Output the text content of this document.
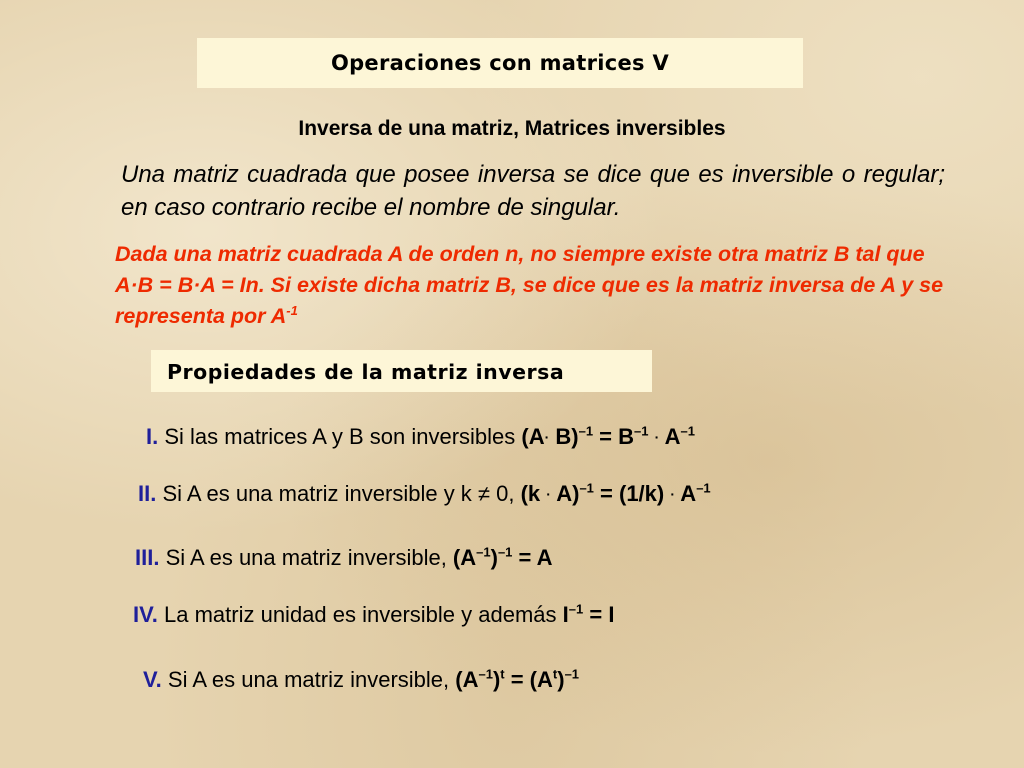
Operaciones con matrices V
Inversa de una matriz, Matrices inversibles
Una matriz cuadrada que posee inversa se dice que es inversible o regular; en caso contrario recibe el nombre de singular.
Dada una matriz cuadrada A de orden n, no siempre existe otra matriz B tal que A·B = B·A = In. Si existe dicha matriz B, se dice que es la matriz inversa de A y se representa por $A^{-1}$
Propiedades de la matriz inversa
I. Si las matrices A y B son inversibles $(A\cdot B)^{-1} = B^{-1} \cdot A^{-1}$
II. Si A es una matriz inversible y k ≠ 0, $(k \cdot A)^{-1} = (1/k) \cdot A^{-1}$
III. Si A es una matriz inversible, $(A^{-1})^{-1} = A$
IV. La matriz unidad es inversible y además $I^{-1} = I$
V. Si A es una matriz inversible, $(A^{-1})^t = (A^t)^{-1}$
